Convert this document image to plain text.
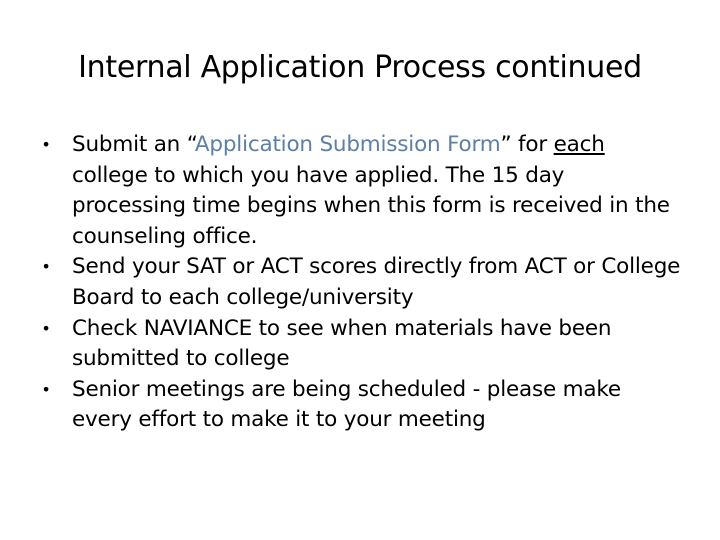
Internal Application Process continued
• Submit an “Application Submission Form” for each college to which you have applied. The 15 day processing time begins when this form is received in the counseling office.
• Send your SAT or ACT scores directly from ACT or College Board to each college/university
• Check NAVIANCE to see when materials have been submitted to college
• Senior meetings are being scheduled - please make every effort to make it to your meeting
